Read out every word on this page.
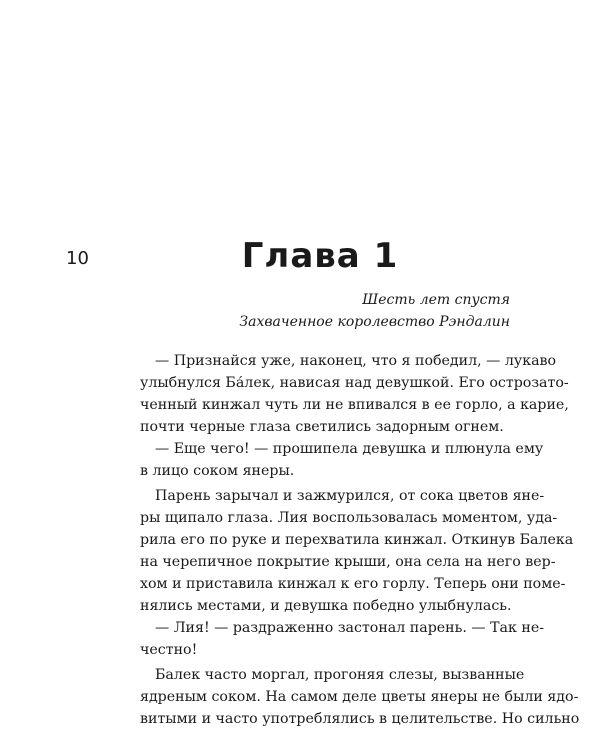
10	Глава 1
Шесть лет спустя
Захваченное королевство Рэндалин
— Признайся уже, наконец, что я победил, — лукаво
улыбнулся Ба́лек, нависая над девушкой. Его острозато-
ченный кинжал чуть ли не впивался в ее горло, а карие,
почти черные глаза светились задорным огнем.
— Еще чего! — прошипела девушка и плюнула ему
в лицо соком янеры.
Парень зарычал и зажмурился, от сока цветов яне-
ры щипало глаза. Лия воспользовалась моментом, уда-
рила его по руке и перехватила кинжал. Откинув Балека
на черепичное покрытие крыши, она села на него вер-
хом и приставила кинжал к его горлу. Теперь они поме-
нялись местами, и девушка победно улыбнулась.
— Лия! — раздраженно застонал парень. — Так не-
честно!
Балек часто моргал, прогоняя слезы, вызванные
ядреным соком. На самом деле цветы янеры не были ядо-
витыми и часто употреблялись в целительстве. Но сильно
